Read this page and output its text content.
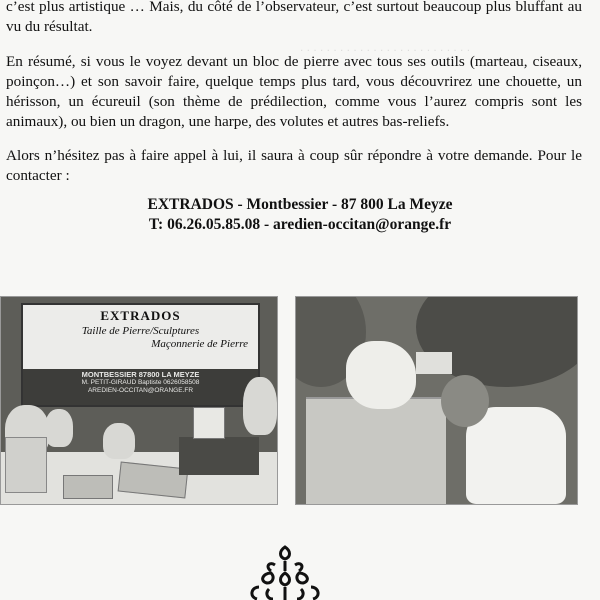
. . . . . . . . . . . . . . . . . . . . . . . . . .

c’est plus artistique … Mais, du côté de l’observateur, c’est surtout beaucoup plus bluffant au vu du résultat.

En résumé, si vous le voyez devant un bloc de pierre avec tous ses outils (marteau, ciseaux, poinçon…) et son savoir faire, quelque temps plus tard, vous découvrirez une chouette, un hérisson, un écureuil (son thème de prédilection, comme vous l’aurez compris sont les animaux), ou bien un dragon, une harpe, des volutes et autres bas-reliefs.

Alors n’hésitez pas à faire appel à lui, il saura à coup sûr répondre à votre demande. Pour le contacter :

EXTRADOS - Montbessier - 87 800 La Meyze
T: 06.26.05.85.08 - aredien-occitan@orange.fr
EXTRADOS
Taille de Pierre/Sculptures
Maçonnerie de Pierre
MONTBESSIER 87800 LA MEYZE
M. PETIT-GIRAUD Baptiste 0626058508
AREDIEN-OCCITAN@ORANGE.FR
